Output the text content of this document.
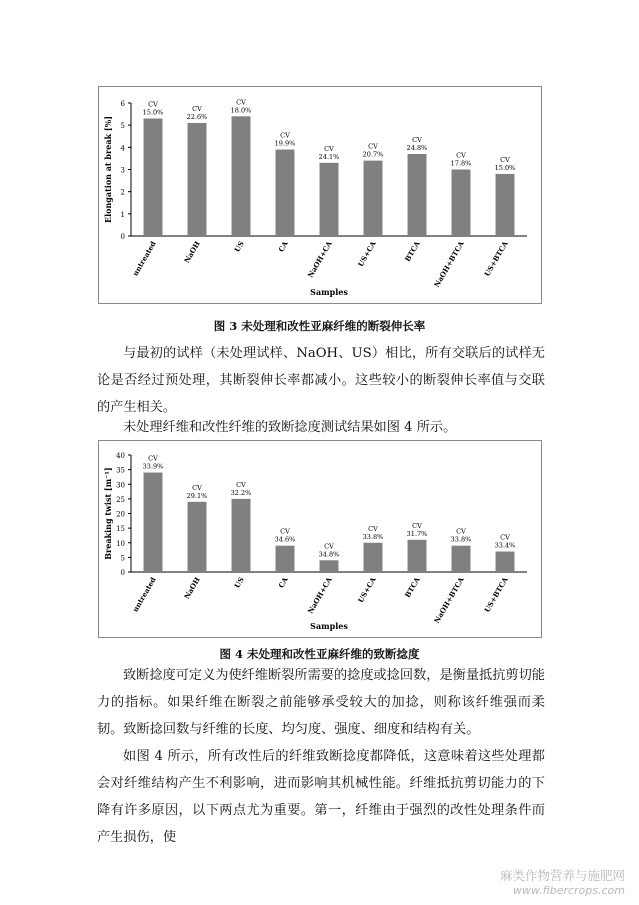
0
1
2
3
4
5
6
Elongation at break [%]
CV
15.0%
untreated
CV
22.6%
NaOH
CV
18.0%
US
CV
19.9%
CA
CV
24.1%
NaOH+CA
CV
20.7%
US+CA
CV
24.8%
BTCA
CV
17.8%
NaOH+BTCA
CV
15.0%
US+BTCA
Samples

图 3 未处理和改性亚麻纤维的断裂伸长率

与最初的试样（未处理试样、NaOH、US）相比，所有交联后的试样无论是否经过预处理，其断裂伸长率都减小。这些较小的断裂伸长率值与交联的产生相关。

未处理纤维和改性纤维的致断捻度测试结果如图 4 所示。

0
5
10
15
20
25
30
35
40
Breaking twist [m⁻¹]
CV
33.9%
untreated
CV
29.1%
NaOH
CV
32.2%
US
CV
34.6%
CA
CV
34.8%
NaOH+CA
CV
33.8%
US+CA
CV
31.7%
BTCA
CV
33.8%
NaOH+BTCA
CV
33.4%
US+BTCA
Samples

图 4 未处理和改性亚麻纤维的致断捻度

致断捻度可定义为使纤维断裂所需要的捻度或捻回数，是衡量抵抗剪切能力的指标。如果纤维在断裂之前能够承受较大的加捻，则称该纤维强而柔韧。致断捻回数与纤维的长度、均匀度、强度、细度和结构有关。

如图 4 所示，所有改性后的纤维致断捻度都降低，这意味着这些处理都会对纤维结构产生不利影响，进而影响其机械性能。纤维抵抗剪切能力的下降有许多原因，以下两点尤为重要。第一，纤维由于强烈的改性处理条件而产生损伤，使

麻类作物营养与施肥网
www.fibercrops.com
